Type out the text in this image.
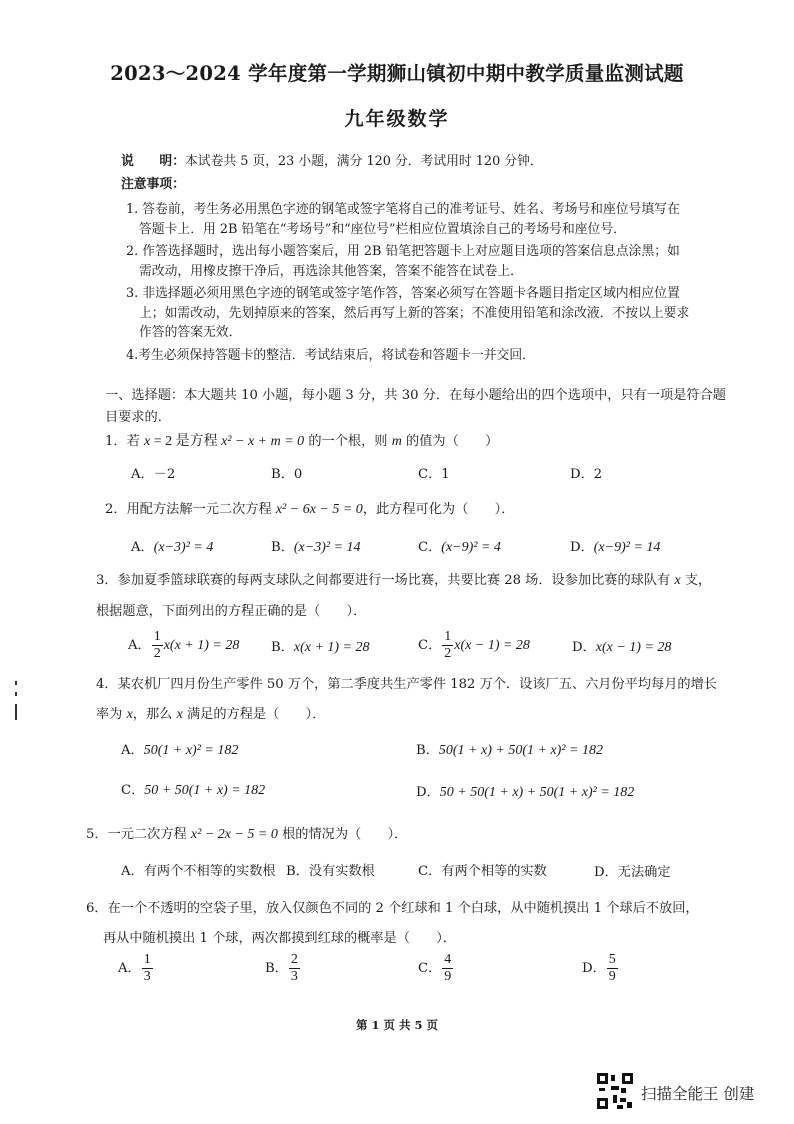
2023～2024 学年度第一学期狮山镇初中期中教学质量监测试题
九年级数学
说　　明：本试卷共 5 页，23 小题，满分 120 分．考试用时 120 分钟．
注意事项：
1. 答卷前，考生务必用黑色字迹的钢笔或签字笔将自己的准考证号、姓名、考场号和座位号填写在
答题卡上．用 2B 铅笔在“考场号”和“座位号”栏相应位置填涂自己的考场号和座位号．
2. 作答选择题时，选出每小题答案后，用 2B 铅笔把答题卡上对应题目选项的答案信息点涂黑；如
需改动，用橡皮擦干净后，再选涂其他答案，答案不能答在试卷上．
3. 非选择题必须用黑色字迹的钢笔或签字笔作答，答案必须写在答题卡各题目指定区域内相应位置
上；如需改动，先划掉原来的答案，然后再写上新的答案；不准使用铅笔和涂改液．不按以上要求
作答的答案无效．
4.考生必须保持答题卡的整洁．考试结束后，将试卷和答题卡一并交回．
一、选择题：本大题共 10 小题，每小题 3 分，共 30 分．在每小题给出的四个选项中，只有一项是符合题
目要求的．
1．若 x = 2 是方程 x² − x + m = 0 的一个根，则 m 的值为（　　）
A．－2	B．0	C．1	D．2
2．用配方法解一元二次方程 x² − 6x − 5 = 0，此方程可化为（　　）．
A．(x−3)² = 4	B．(x−3)² = 14	C．(x−9)² = 4	D．(x−9)² = 14
3．参加夏季篮球联赛的每两支球队之间都要进行一场比赛，共要比赛 28 场．设参加比赛的球队有 x 支，
根据题意，下面列出的方程正确的是（　　）．
A． $\frac{1}{2} x(x + 1) = 28$ B．x(x + 1) = 28	C． $\frac{1}{2} x(x - 1) = 28$	D．x(x − 1) = 28
4．某农机厂四月份生产零件 50 万个，第二季度共生产零件 182 万个．设该厂五、六月份平均每月的增长
率为 x，那么 x 满足的方程是（　　）．
A．50(1 + x)² = 182	B．50(1 + x) + 50(1 + x)² = 182
C．50 + 50(1 + x) = 182	D．50 + 50(1 + x) + 50(1 + x)² = 182
5．一元二次方程 x² − 2x − 5 = 0 根的情况为（　　）．
A．有两个不相等的实数根 B．没有实数根	C．有两个相等的实数	D．无法确定
6．在一个不透明的空袋子里，放入仅颜色不同的 2 个红球和 1 个白球，从中随机摸出 1 个球后不放回，
再从中随机摸出 1 个球，两次都摸到红球的概率是（　　）．
A． $\frac{1}{3}$	B． $\frac{2}{3}$	C． $\frac{4}{9}$	D． $\frac{5}{9}$
第 1 页 共 5 页
扫描全能王 创建
